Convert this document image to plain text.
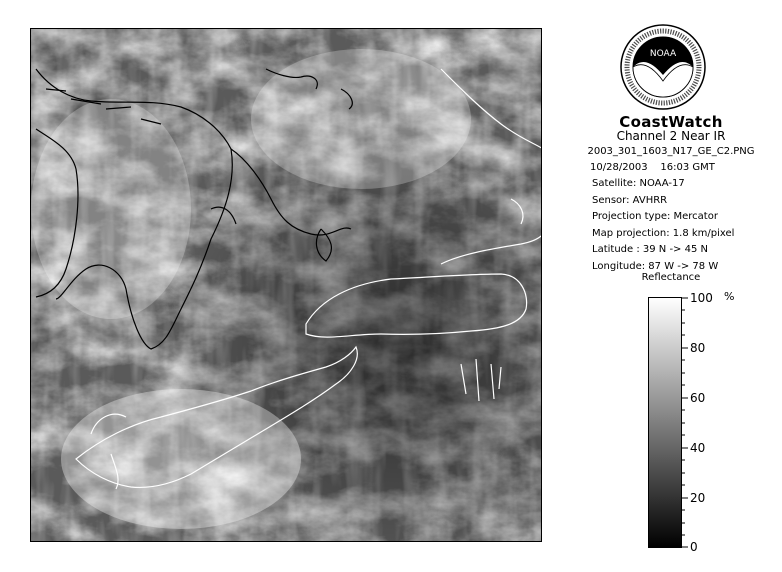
NOAA
CoastWatch
Channel 2 Near IR
2003_301_1603_N17_GE_C2.PNG
10/28/2003 16:03 GMT
Satellite: NOAA-17
Sensor: AVHRR
Projection type: Mercator
Map projection: 1.8 km/pixel
Latitude : 39 N -> 45 N
Longitude: 87 W -> 78 W
Reflectance
100 %
80
60
40
20
0
